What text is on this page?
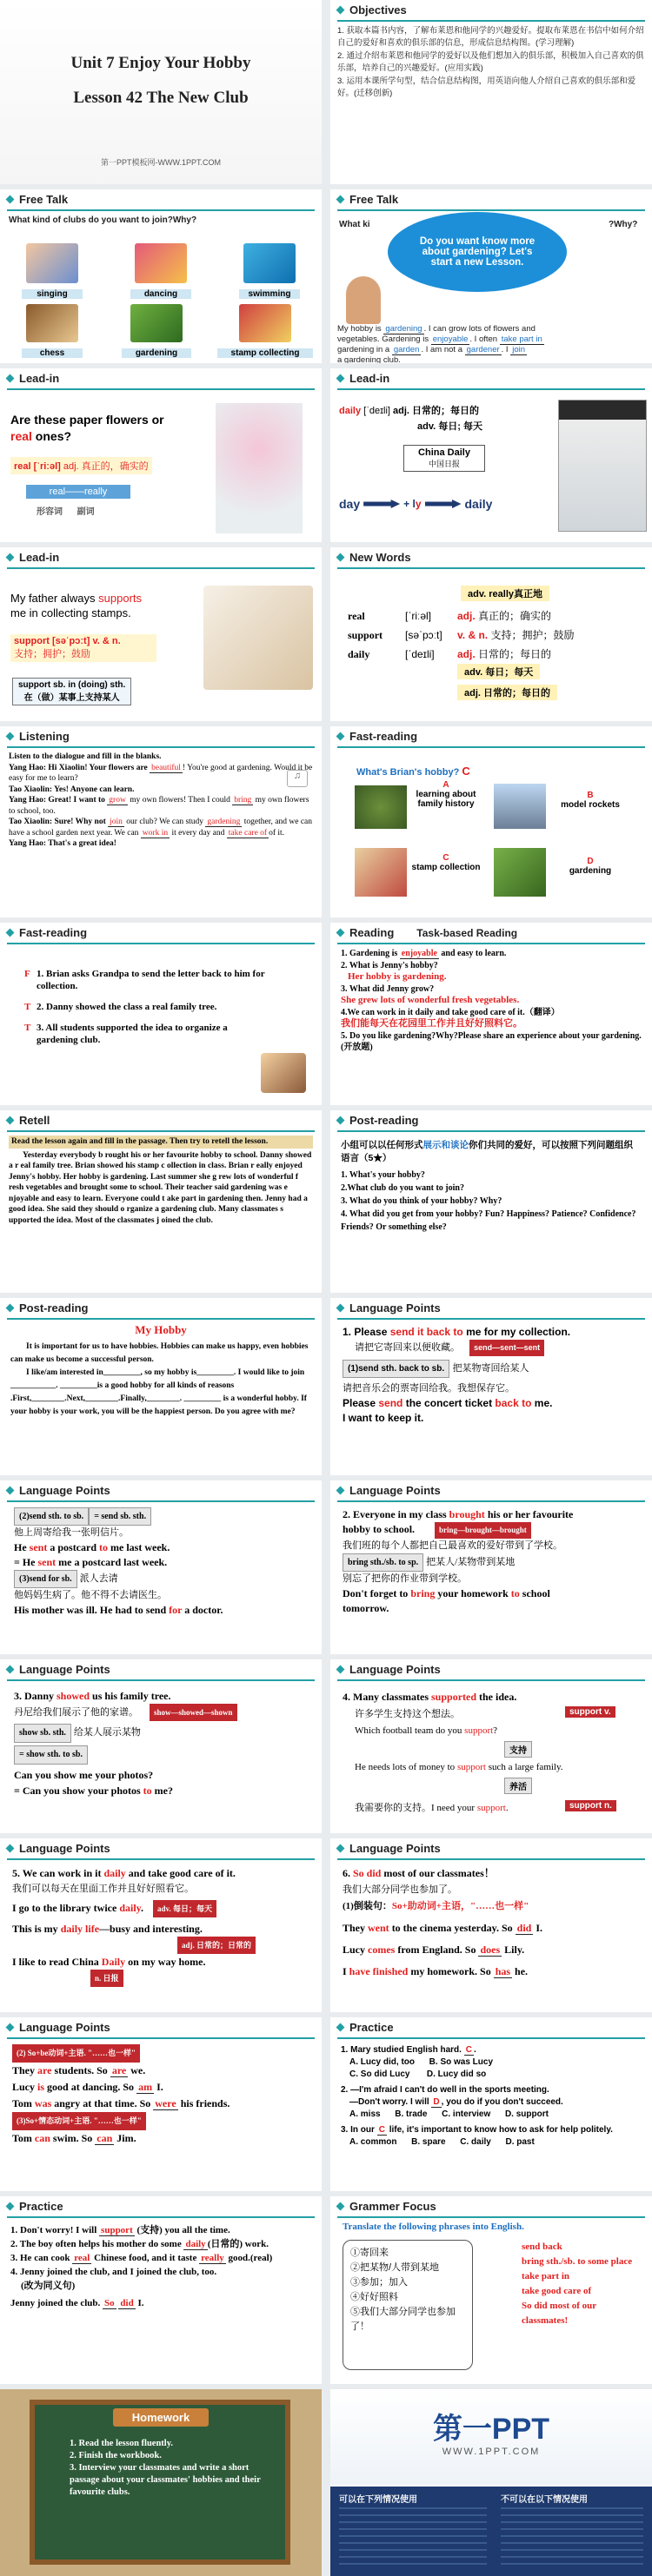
Unit 7 Enjoy Your Hobby
Lesson 42 The New Club
第一PPT模板网-WWW.1PPT.COM
Objectives
1. 获取本篇书内容，了解布莱恩和他同学的兴趣爱好。提取布莱恩在书信中如何介绍自己的爱好和喜欢的俱乐部的信息，形成信息结构图。(学习理解)
2. 通过介绍布莱恩和他同学的爱好以及他们想加入的俱乐部，积极加入自己喜欢的俱乐部，培养自己的兴趣爱好。(应用实践)
3. 运用本课所学句型，结合信息结构图，用英语向他人介绍自己喜欢的俱乐部和爱好。(迁移创新)
Free Talk
What kind of clubs do you want to join?Why?
singing	dancing	swimming
chess	gardening	stamp collecting
Free Talk
What ki	?Why?
Do you want know more about gardening? Let's start a new Lesson.
My hobby is gardening . I can grow lots of flowers and
vegetables. Gardening is enjoyable . I often take part in
gardening in a garden . I am not a gardener . I join
a gardening club.
Lead-in
Are these paper flowers or
real ones?
real [ˈriːəl] adj. 真正的，确实的
real——really
形容词      副词
Lead-in
daily [ˈdeɪli] adj. 日常的；每日的
adv. 每日; 每天
China Daily
中国日报
day	+ l y	daily
Lead-in
My father always supports
me in collecting stamps.
support [səˈpɔːt] v. & n.
支持；拥护；鼓励
support sb. in (doing) sth.
在（做）某事上支持某人
New Words
adv. really真正地
real	[ˈriːəl]	adj. 真正的；确实的
support [səˈpɔːt] v. & n. 支持；拥护；鼓励
daily	[ˈdeɪli] adj. 日常的；每日的
adv. 每日；每天
adj. 日常的；每日的
Listening
Listen to the dialogue and fill in the blanks.
Yang Hao: Hi Xiaolin! Your flowers are beautiful ! You're good at gardening. Would it be easy for me to learn?
Tao Xiaolin: Yes! Anyone can learn.
Yang Hao: Great! I want to grow my own flowers! Then I could bring my own flowers to school, too.
Tao Xiaolin: Sure! Why not join our club? We can study gardening together, and we can have a school garden next year. We can work in it every day and take care of of it.
Yang Hao: That's a great idea!
♫
Fast-reading
What's Brian's hobby? C
A
learning about family history
B
model rockets
C
stamp collection
D
gardening
Fast-reading
F 1. Brian asks Grandpa to send the letter back to him for collection.
T 2. Danny showed the class a real family tree.
T 3. All students supported the idea to organize a gardening club.
Reading Task-based Reading
1. Gardening is enjoyable and easy to learn.
2. What is Jenny's hobby?
Her hobby is gardening.
3. What did Jenny grow?
She grew lots of wonderful fresh vegetables.
4.We can work in it daily and take good care of it.（翻译）
我们能每天在花园里工作并且好好照料它。
5. Do you like gardening?Why?Please share an experience about your gardening.(开放题)
Retell
Read the lesson again and fill in the passage. Then try to retell the lesson.
Yesterday everybody b rought his or her favourite hobby to school. Danny showed a r eal family tree. Brian showed his stamp c ollection in class. Brian r eally enjoyed Jenny's hobby. Her hobby is gardening. Last summer she g rew lots of wonderful f resh vegetables and brought some to school. Their teacher said gardening was e njoyable and easy to learn. Everyone could t ake part in gardening then. Jenny had a good idea. She said they should o rganize a gardening club. Many classmates s upported the idea. Most of the classmates j oined the club.
Post-reading
小组可以以任何形式展示和谈论你们共同的爱好，可以按照下列问题组织语言（5★）
1. What's your hobby?
2.What club do you want to join?
3. What do you think of your hobby? Why?
4. What did you get from your hobby? Fun? Happiness? Patience? Confidence? Friends? Or something else?
Post-reading
My Hobby
It is important for us to have hobbies. Hobbies can make us happy, even hobbies can make us become a successful person.
I like/am interested in_________, so my hobby is_________. I would like to join ___________. _________is a good hobby for all kinds of reasons .First,________.Next,________.Finally,________. _________ is a wonderful hobby. If your hobby is your work, you will be the happiest person. Do you agree with me?
Language Points
1. Please send it back to me for my collection.
请把它寄回来以便收藏。 send—sent—sent
(1)send sth. back to sb. 把某物寄回给某人
请把音乐会的票寄回给我。我想保存它。
Please send the concert ticket back to me.
I want to keep it.
Language Points
(2)send sth. to sb.= send sb. sth.
他上周寄给我一张明信片。
He sent a postcard to me last week.
= He sent me a postcard last week.
(3)send for sb. 派人去请
他妈妈生病了。他不得不去请医生。
His mother was ill. He had to send for a doctor.
Language Points
2. Everyone in my class brought his or her favourite
hobby to school.	bring—brought—brought
我们班的每个人都把自己最喜欢的爱好带到了学校。
bring sth./sb. to sp. 把某人/某物带到某地
别忘了把你的作业带到学校。
Don't forget to bring your homework to school
tomorrow.
Language Points
3. Danny showed us his family tree.
丹尼给我们展示了他的家谱。 show—showed—shown
show sb. sth. 给某人展示某物
= show sth. to sb.
Can you show me your photos?
= Can you show your photos to me?
Language Points
4. Many classmates supported the idea.
support v.
许多学生支持这个想法。
Which football team do you support?
支持
He needs lots of money to support such a large family.
养活
我需要你的支持。I need your support.	support n.
Language Points
5. We can work in it daily and take good care of it.
我们可以每天在里面工作并且好好照看它。
I go to the library twice daily. adv. 每日；每天
This is my daily life—busy and interesting.
adj. 日常的；日常的
I like to read China Daily on my way home.
n. 日报
Language Points
6. So did most of our classmates！
我们大部分同学也参加了。
(1)倒装句：So+助动词+主语，"……也一样"
They went to the cinema yesterday. So did I.
Lucy comes from England. So does Lily.
I have finished my homework. So has he.
Language Points
(2) So+be动词+主语. "……也一样"
They are students. So are we.
Lucy is good at dancing. So am I.
Tom was angry at that time. So were his friends.
(3)So+情态动词+主语. "……也一样"
Tom can swim. So can Jim.
Practice
1. Mary studied English hard. C .
A. Lucy did, too      B. So was Lucy
C. So did Lucy       D. Lucy did so
2. —I'm afraid I can't do well in the sports meeting.
—Don't worry. I will D , you do if you don't succeed.
A. miss      B. trade      C. interview      D. support
3. In our C life, it's important to know how to ask for help politely.
A. common      B. spare      C. daily      D. past
Practice
1. Don't worry! I will support (支持) you all the time.
2. The boy often helps his mother do some daily (日常的) work.
3. He can cook real Chinese food, and it taste really good.(real)
4. Jenny joined the club, and I joined the club, too.
(改为同义句)
Jenny joined the club. So did I.
Grammer Focus
Translate the following phrases into English.
①寄回来
②把某物/人带到某地
③参加；加入
④好好照料
⑤我们大部分同学也参加了！
send back
bring sth./sb. to some place
take part in
take good care of
So did most of our classmates!
Homework
1. Read the lesson fluently.
2. Finish the workbook.
3. Interview your classmates and write a short passage about your classmates' hobbies and their favourite clubs.
第一PPT
WWW.1PPT.COM
可以在下列情况使用	不可以在以下情况使用
